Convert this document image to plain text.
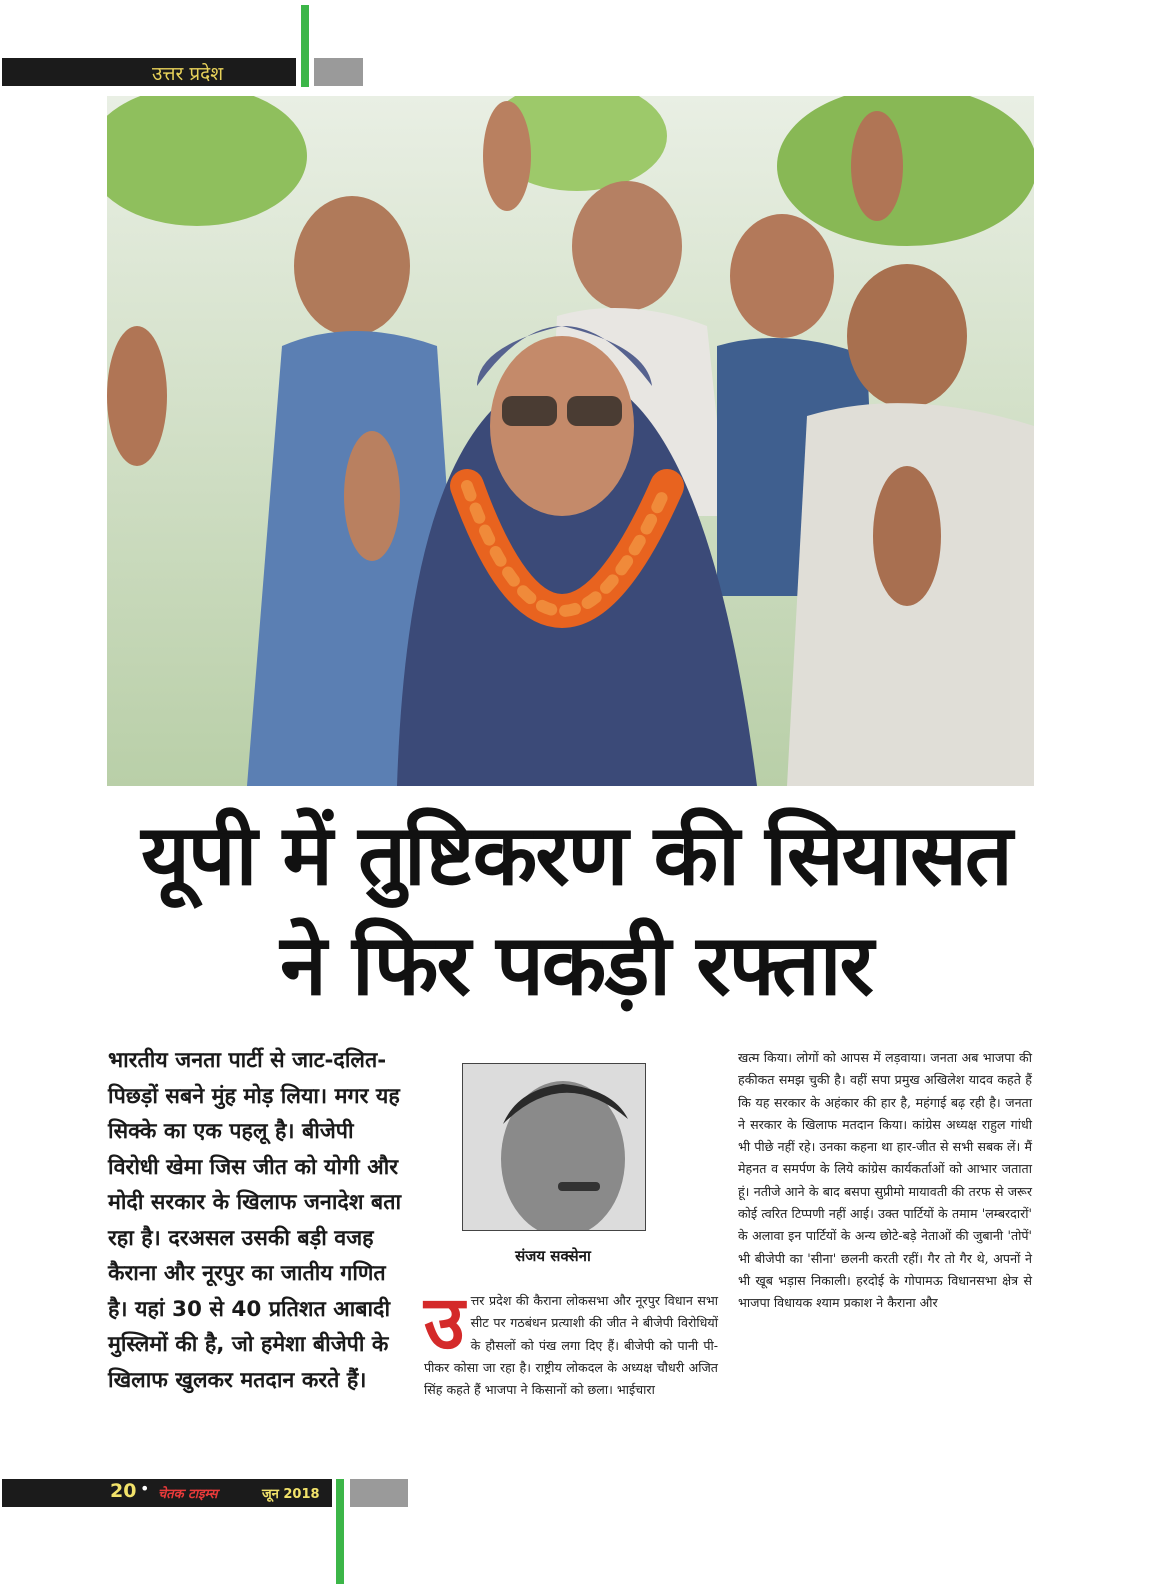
उत्तर प्रदेश
यूपी में तुष्टिकरण की सियासत
ने फिर पकड़ी रफ्तार
भारतीय जनता पार्टी से जाट-दलित-पिछड़ों सबने मुंह मोड़ लिया। मगर यह सिक्के का एक पहलू है। बीजेपी विरोधी खेमा जिस जीत को योगी और मोदी सरकार के खिलाफ जनादेश बता रहा है। दरअसल उसकी बड़ी वजह कैराना और नूरपुर का जातीय गणित है। यहां 30 से 40 प्रतिशत आबादी मुस्लिमों की है, जो हमेशा बीजेपी के खिलाफ खुलकर मतदान करते हैं।
संजय सक्सेना
उ त्तर प्रदेश की कैराना लोकसभा और नूरपुर विधान सभा सीट पर गठबंधन प्रत्याशी की जीत ने बीजेपी विरोधियों के हौसलों को पंख लगा दिए हैं। बीजेपी को पानी पी-पीकर कोसा जा रहा है। राष्ट्रीय लोकदल के अध्यक्ष चौधरी अजित सिंह कहते हैं भाजपा ने किसानों को छला। भाईचारा
खत्म किया। लोगों को आपस में लड़वाया। जनता अब भाजपा की हकीकत समझ चुकी है। वहीं सपा प्रमुख अखिलेश यादव कहते हैं कि यह सरकार के अहंकार की हार है, महंगाई बढ़ रही है। जनता ने सरकार के खिलाफ मतदान किया। कांग्रेस अध्यक्ष राहुल गांधी भी पीछे नहीं रहे। उनका कहना था हार-जीत से सभी सबक लें। मैं मेहनत व समर्पण के लिये कांग्रेस कार्यकर्ताओं को आभार जताता हूं। नतीजे आने के बाद बसपा सुप्रीमो मायावती की तरफ से जरूर कोई त्वरित टिप्पणी नहीं आई। उक्त पार्टियों के तमाम 'लम्बरदारों' के अलावा इन पार्टियों के अन्य छोटे-बड़े नेताओं की जुबानी 'तोपें' भी बीजेपी का 'सीना' छलनी करती रहीं। गैर तो गैर थे, अपनों ने भी खूब भड़ास निकाली। हरदोई के गोपामऊ विधानसभा क्षेत्र से भाजपा विधायक श्याम प्रकाश ने कैराना और
20 • चेतक टाइम्स	जून 2018
